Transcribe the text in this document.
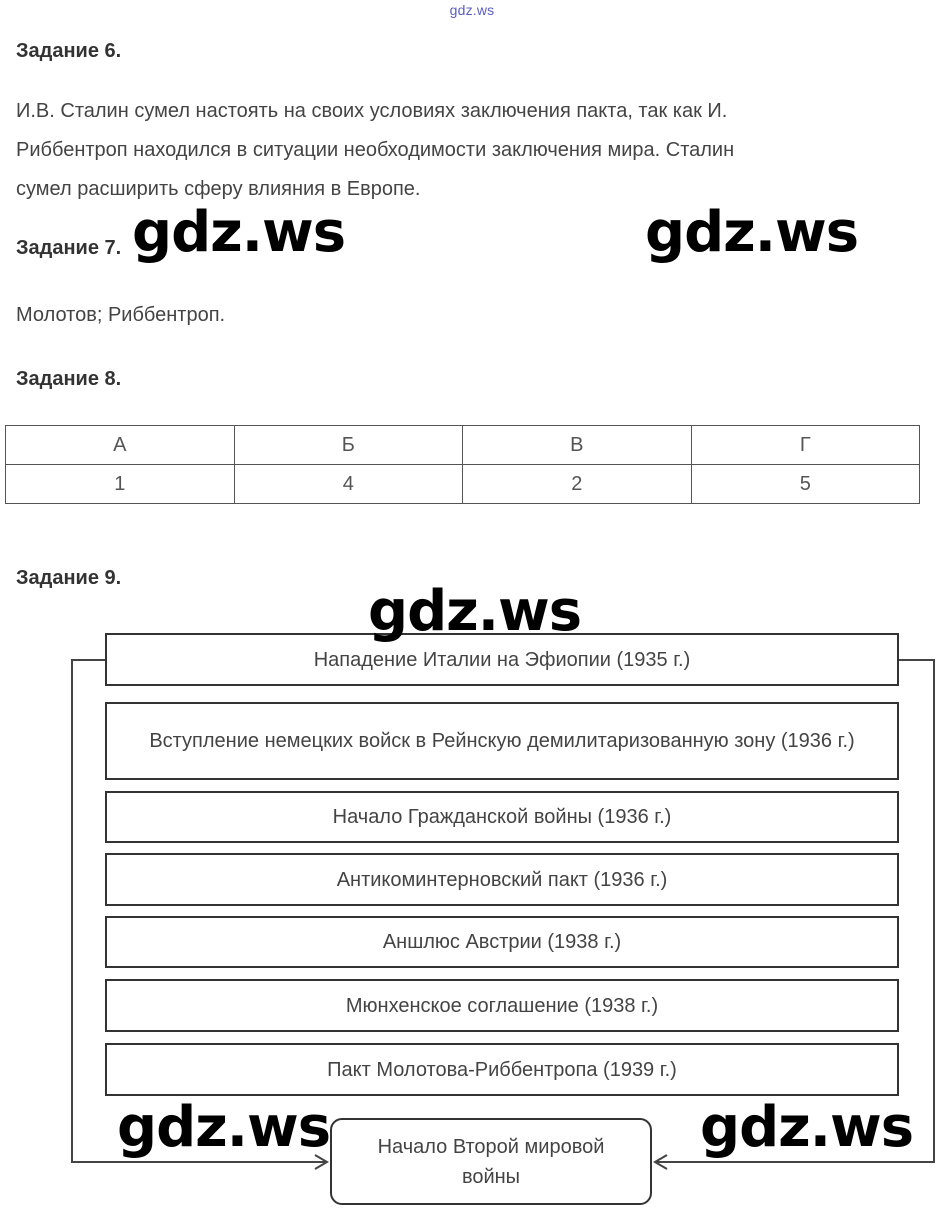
gdz.ws
Задание 6.
И.В. Сталин сумел настоять на своих условиях заключения пакта, так как И.
Риббентроп находился в ситуации необходимости заключения мира. Сталин
сумел расширить сферу влияния в Европе.
Задание 7.
Молотов; Риббентроп.
Задание 8.
А	Б	В	Г
1	4	2	5
Задание 9.
Нападение Италии на Эфиопии (1935 г.)
Вступление немецких войск в Рейнскую демилитаризованную зону (1936 г.)
Начало Гражданской войны (1936 г.)
Антикоминтерновский пакт (1936 г.)
Аншлюс Австрии (1938 г.)
Мюнхенское соглашение (1938 г.)
Пакт Молотова-Риббентропа (1939 г.)
Начало Второй мировой войны
gdz.ws	gdz.ws
gdz.ws
gdz.ws	gdz.ws
